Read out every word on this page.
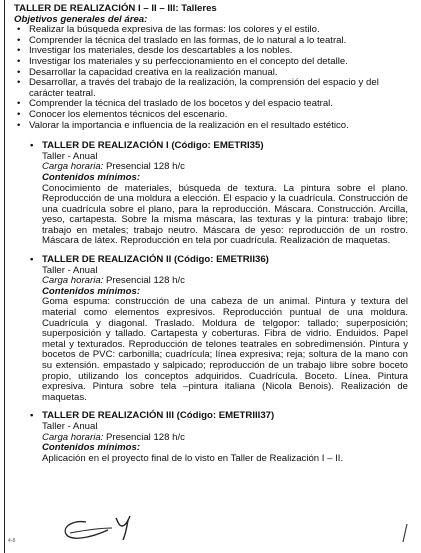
TALLER DE REALIZACIÓN I – II – III: Talleres
Objetivos generales del área:
• Realizar la búsqueda expresiva de las formas: los colores y el estilo.
• Comprender la técnica del traslado en las formas, de lo natural a lo teatral.
• Investigar los materiales, desde los descartables a los nobles.
• Investigar los materiales y su perfeccionamiento en el concepto del detalle.
• Desarrollar la capacidad creativa en la realización manual.
• Desarrollar, a través del trabajo de la realización, la comprensión del espacio y del carácter teatral.
• Comprender la técnica del traslado de los bocetos y del espacio teatral.
• Conocer los elementos técnicos del escenario.
• Valorar la importancia e influencia de la realización en el resultado estético.
• TALLER DE REALIZACIÓN I (Código: EMETRI35)
Taller - Anual
Carga horaria: Presencial 128 h/c
Contenidos mínimos:
Conocimiento de materiales, búsqueda de textura. La pintura sobre el plano. Reproducción de una moldura a elección. El espacio y la cuadrícula. Construcción de una cuadrícula sobre el plano, para la reproducción. Máscara. Construcción. Arcilla, yeso, cartapesta. Sobre la misma máscara, las texturas y la pintura: trabajo libre; trabajo en metales; trabajo neutro. Máscara de yeso: reproducción de un rostro. Máscara de látex. Reproducción en tela por cuadrícula. Realización de maquetas.
• TALLER DE REALIZACIÓN II (Código: EMETRII36)
Taller - Anual
Carga horaria: Presencial 128 h/c
Contenidos mínimos:
Goma espuma: construcción de una cabeza de un animal. Pintura y textura del material como elementos expresivos. Reproducción puntual de una moldura. Cuadrícula y diagonal. Traslado. Moldura de telgopor: tallado; superposición; superposición y tallado. Cartapesta y coberturas. Fibra de vidrio. Enduidos. Papel metal y texturados. Reproducción de telones teatrales en sobredimensión. Pintura y bocetos de PVC: carbonilla; cuadrícula; línea expresiva; reja; soltura de la mano con su extensión. empastado y salpicado; reproducción de un trabajo libre sobre boceto propio, utilizando los conceptos adquiridos. Cuadrícula. Boceto. Línea. Pintura expresiva. Pintura sobre tela –pintura italiana (Nicola Benois). Realización de maquetas.
• TALLER DE REALIZACIÓN III (Código: EMETRIII37)
Taller - Anual
Carga horaria: Presencial 128 h/c
Contenidos mínimos:
Aplicación en el proyecto final de lo visto en Taller de Realización I – II.
4-8
